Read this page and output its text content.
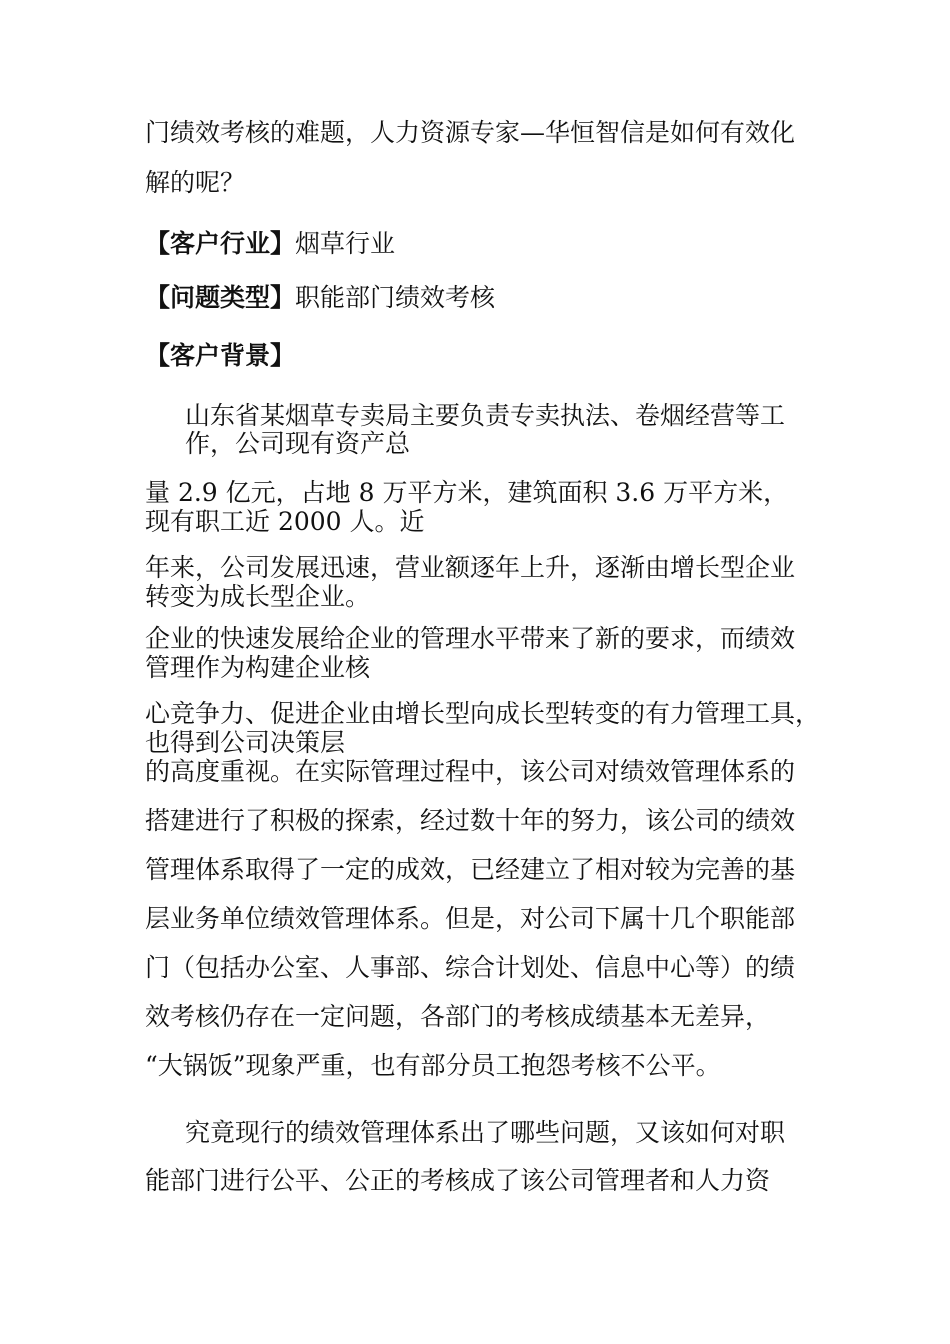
门绩效考核的难题，人力资源专家—华恒智信是如何有效化

解的呢？

【客户行业】烟草行业

【问题类型】职能部门绩效考核

【客户背景】

山东省某烟草专卖局主要负责专卖执法、卷烟经营等工

作，公司现有资产总

量 2.9 亿元，占地 8 万平方米，建筑面积 3.6 万平方米，

现有职工近 2000 人。近

年来，公司发展迅速，营业额逐年上升，逐渐由增长型企业

转变为成长型企业。

企业的快速发展给企业的管理水平带来了新的要求，而绩效

管理作为构建企业核

心竞争力、促进企业由增长型向成长型转变的有力管理工具，

也得到公司决策层

的高度重视。在实际管理过程中，该公司对绩效管理体系的

搭建进行了积极的探索，经过数十年的努力，该公司的绩效

管理体系取得了一定的成效，已经建立了相对较为完善的基

层业务单位绩效管理体系。但是，对公司下属十几个职能部

门（包括办公室、人事部、综合计划处、信息中心等）的绩

效考核仍存在一定问题，各部门的考核成绩基本无差异，

“大锅饭”现象严重，也有部分员工抱怨考核不公平。

究竟现行的绩效管理体系出了哪些问题，又该如何对职

能部门进行公平、公正的考核成了该公司管理者和人力资
